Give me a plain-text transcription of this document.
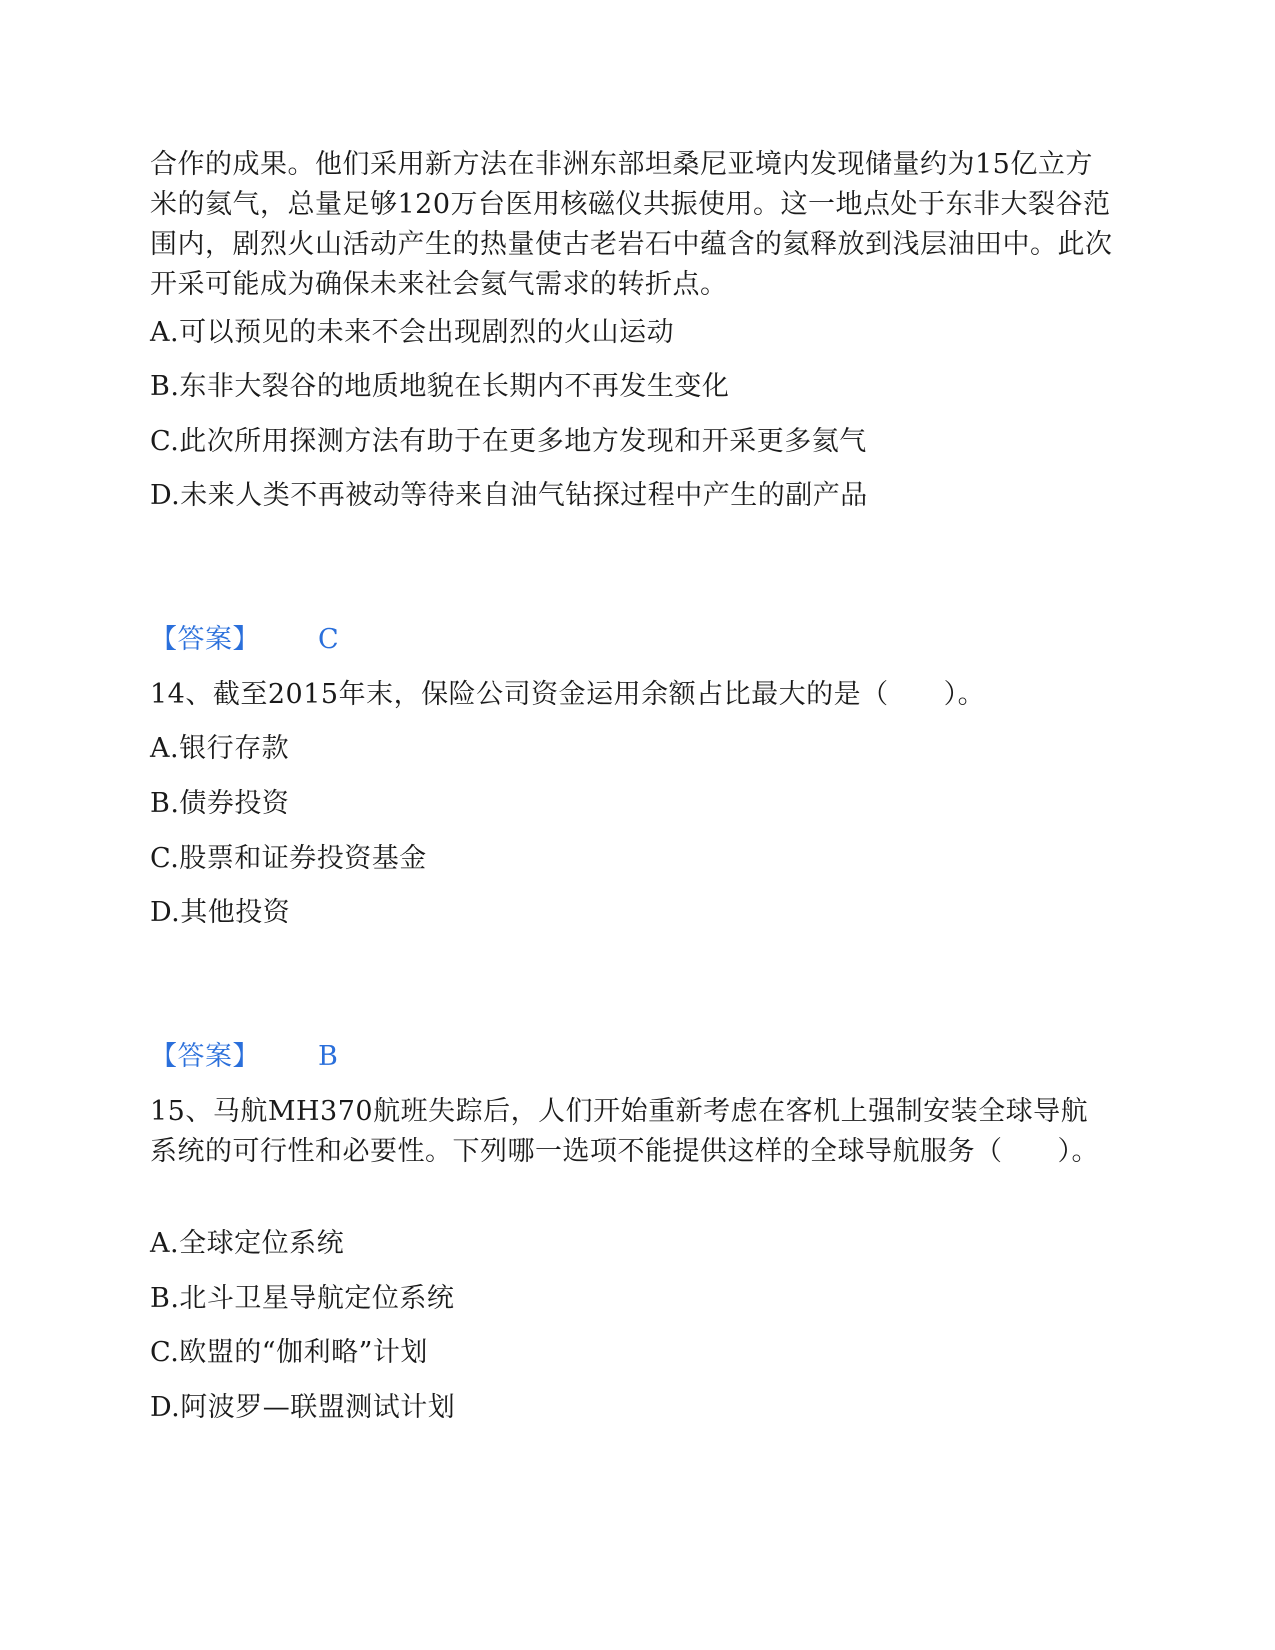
合作的成果。他们采用新方法在非洲东部坦桑尼亚境内发现储量约为15亿立方米的氦气，总量足够120万台医用核磁仪共振使用。这一地点处于东非大裂谷范围内，剧烈火山活动产生的热量使古老岩石中蕴含的氦释放到浅层油田中。此次开采可能成为确保未来社会氦气需求的转折点。
A.可以预见的未来不会出现剧烈的火山运动
B.东非大裂谷的地质地貌在长期内不再发生变化
C.此次所用探测方法有助于在更多地方发现和开采更多氦气
D.未来人类不再被动等待来自油气钻探过程中产生的副产品
【答案】 C
14、截至2015年末，保险公司资金运用余额占比最大的是（　　）。
A.银行存款
B.债券投资
C.股票和证券投资基金
D.其他投资
【答案】 B
15、马航MH370航班失踪后，人们开始重新考虑在客机上强制安装全球导航系统的可行性和必要性。下列哪一选项不能提供这样的全球导航服务（　　）。
A.全球定位系统
B.北斗卫星导航定位系统
C.欧盟的“伽利略”计划
D.阿波罗—联盟测试计划
